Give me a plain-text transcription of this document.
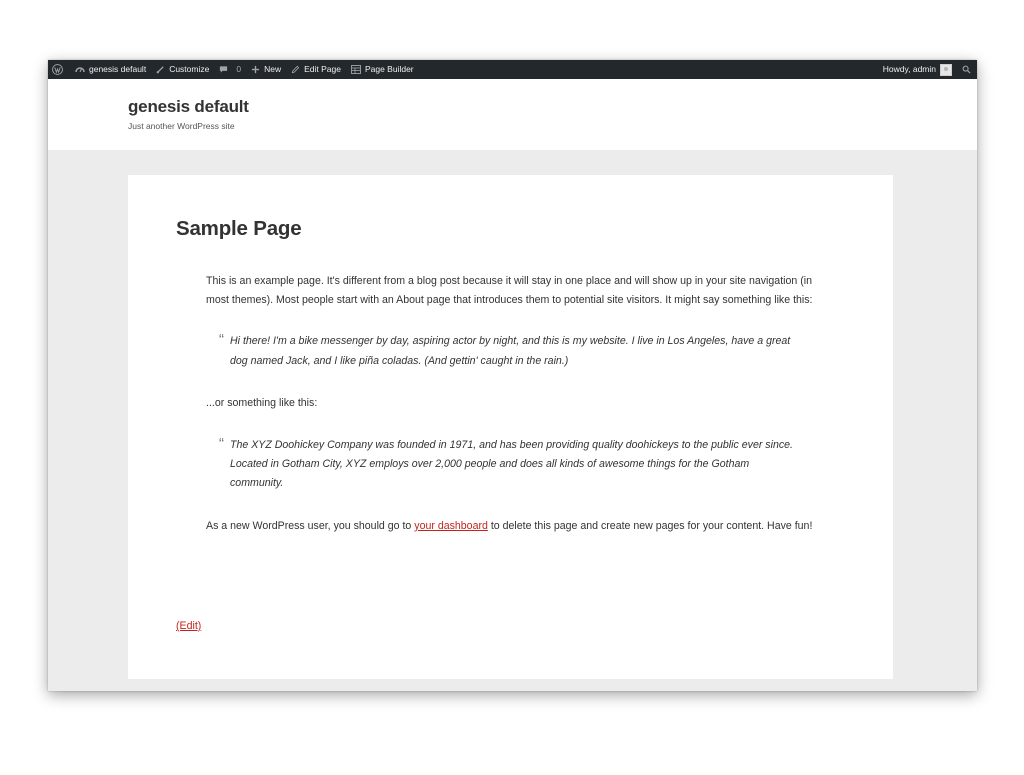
genesis default	Customize	0	New	Edit Page	Page Builder	Howdy, admin
genesis default
Just another WordPress site
Sample Page

This is an example page. It's different from a blog post because it will stay in one place and will show up in your site navigation (in most themes). Most people start with an About page that introduces them to potential site visitors. It might say something like this:

“ Hi there! I'm a bike messenger by day, aspiring actor by night, and this is my website. I live in Los Angeles, have a great dog named Jack, and I like piña coladas. (And gettin' caught in the rain.)

...or something like this:

“ The XYZ Doohickey Company was founded in 1971, and has been providing quality doohickeys to the public ever since. Located in Gotham City, XYZ employs over 2,000 people and does all kinds of awesome things for the Gotham community.

As a new WordPress user, you should go to your dashboard to delete this page and create new pages for your content. Have fun!

(Edit)
